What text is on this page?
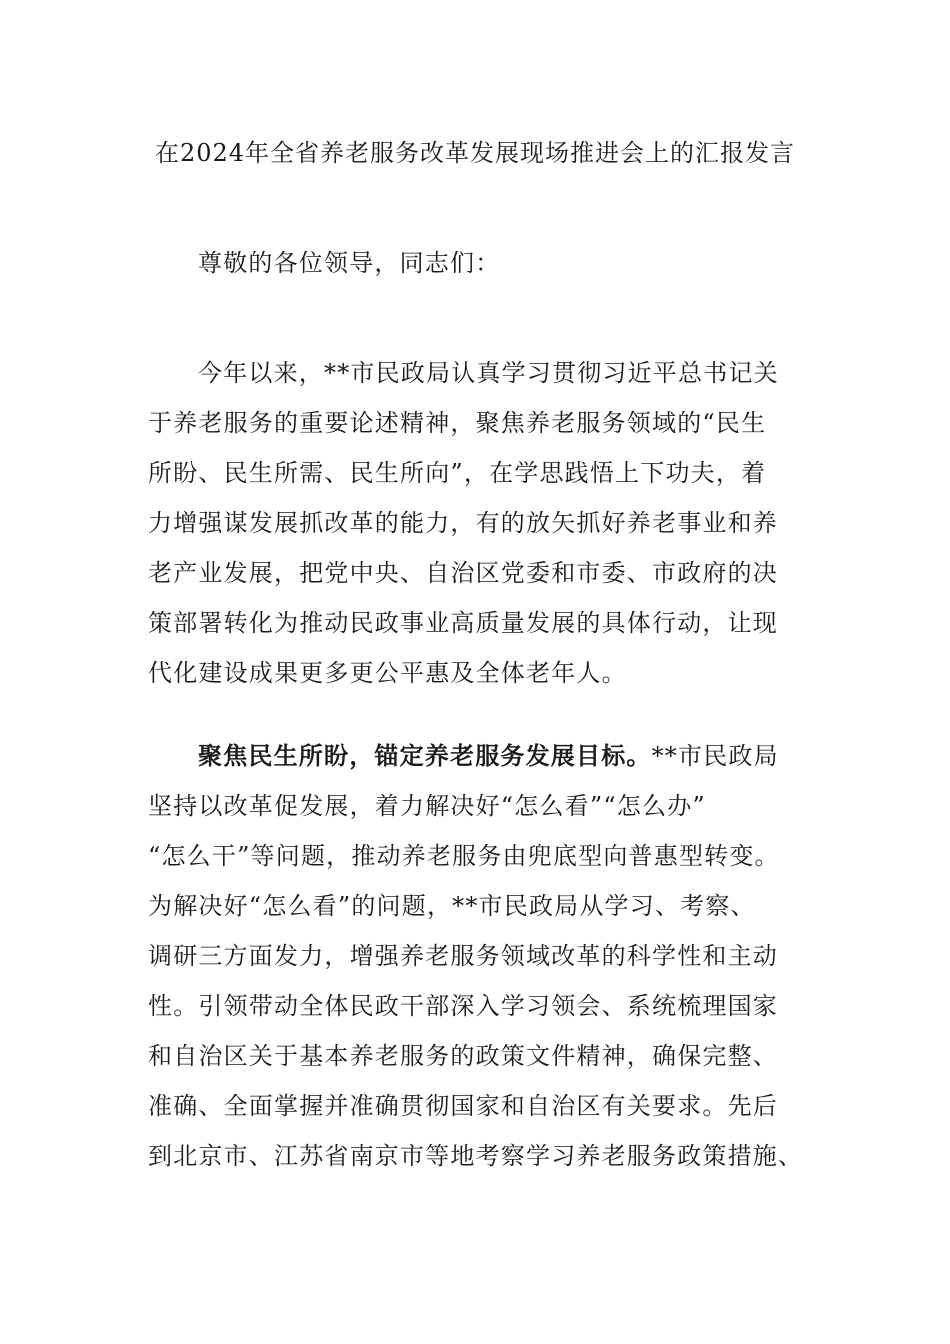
在2024年全省养老服务改革发展现场推进会上的汇报发言

尊敬的各位领导，同志们：

今年以来，**市民政局认真学习贯彻习近平总书记关
于养老服务的重要论述精神，聚焦养老服务领域的“民生
所盼、民生所需、民生所向”，在学思践悟上下功夫，着
力增强谋发展抓改革的能力，有的放矢抓好养老事业和养
老产业发展，把党中央、自治区党委和市委、市政府的决
策部署转化为推动民政事业高质量发展的具体行动，让现
代化建设成果更多更公平惠及全体老年人。
聚焦民生所盼，锚定养老服务发展目标。**市民政局
坚持以改革促发展，着力解决好“怎么看”“怎么办”
“怎么干”等问题，推动养老服务由兜底型向普惠型转变。
为解决好“怎么看”的问题，**市民政局从学习、考察、
调研三方面发力，增强养老服务领域改革的科学性和主动
性。引领带动全体民政干部深入学习领会、系统梳理国家
和自治区关于基本养老服务的政策文件精神，确保完整、
准确、全面掌握并准确贯彻国家和自治区有关要求。先后
到北京市、江苏省南京市等地考察学习养老服务政策措施、
